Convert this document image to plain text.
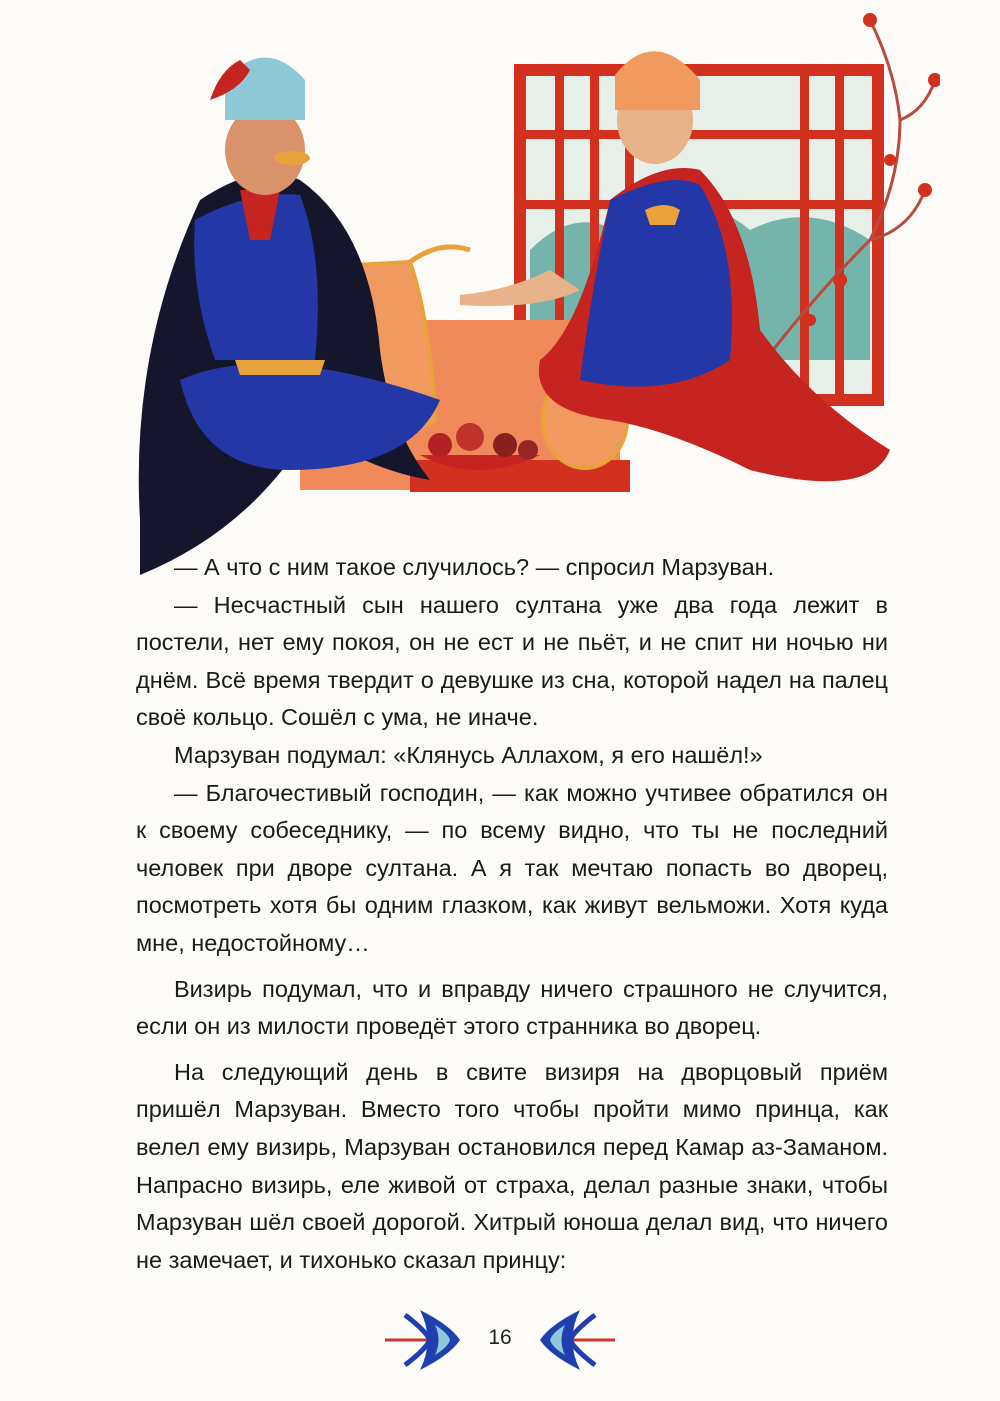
— А что с ним такое случилось? — спросил Марзуван.

— Несчастный сын нашего султана уже два года лежит в постели, нет ему покоя, он не ест и не пьёт, и не спит ни ночью ни днём. Всё время твердит о девушке из сна, которой надел на палец своё кольцо. Сошёл с ума, не иначе.

Марзуван подумал: «Клянусь Аллахом, я его нашёл!»

— Благочестивый господин, — как можно учтивее обратился он к своему собеседнику, — по всему видно, что ты не последний человек при дворе султана. А я так мечтаю попасть во дворец, посмотреть хотя бы одним глазком, как живут вельможи. Хотя куда мне, недостойному…

Визирь подумал, что и вправду ничего страшного не случится, если он из милости проведёт этого странника во дворец.

На следующий день в свите визиря на дворцовый приём пришёл Марзуван. Вместо того чтобы пройти мимо принца, как велел ему визирь, Марзуван остановился перед Камар аз-Заманом. Напрасно визирь, еле живой от страха, делал разные знаки, чтобы Марзуван шёл своей дорогой. Хитрый юноша делал вид, что ничего не замечает, и тихонько сказал принцу:

16
